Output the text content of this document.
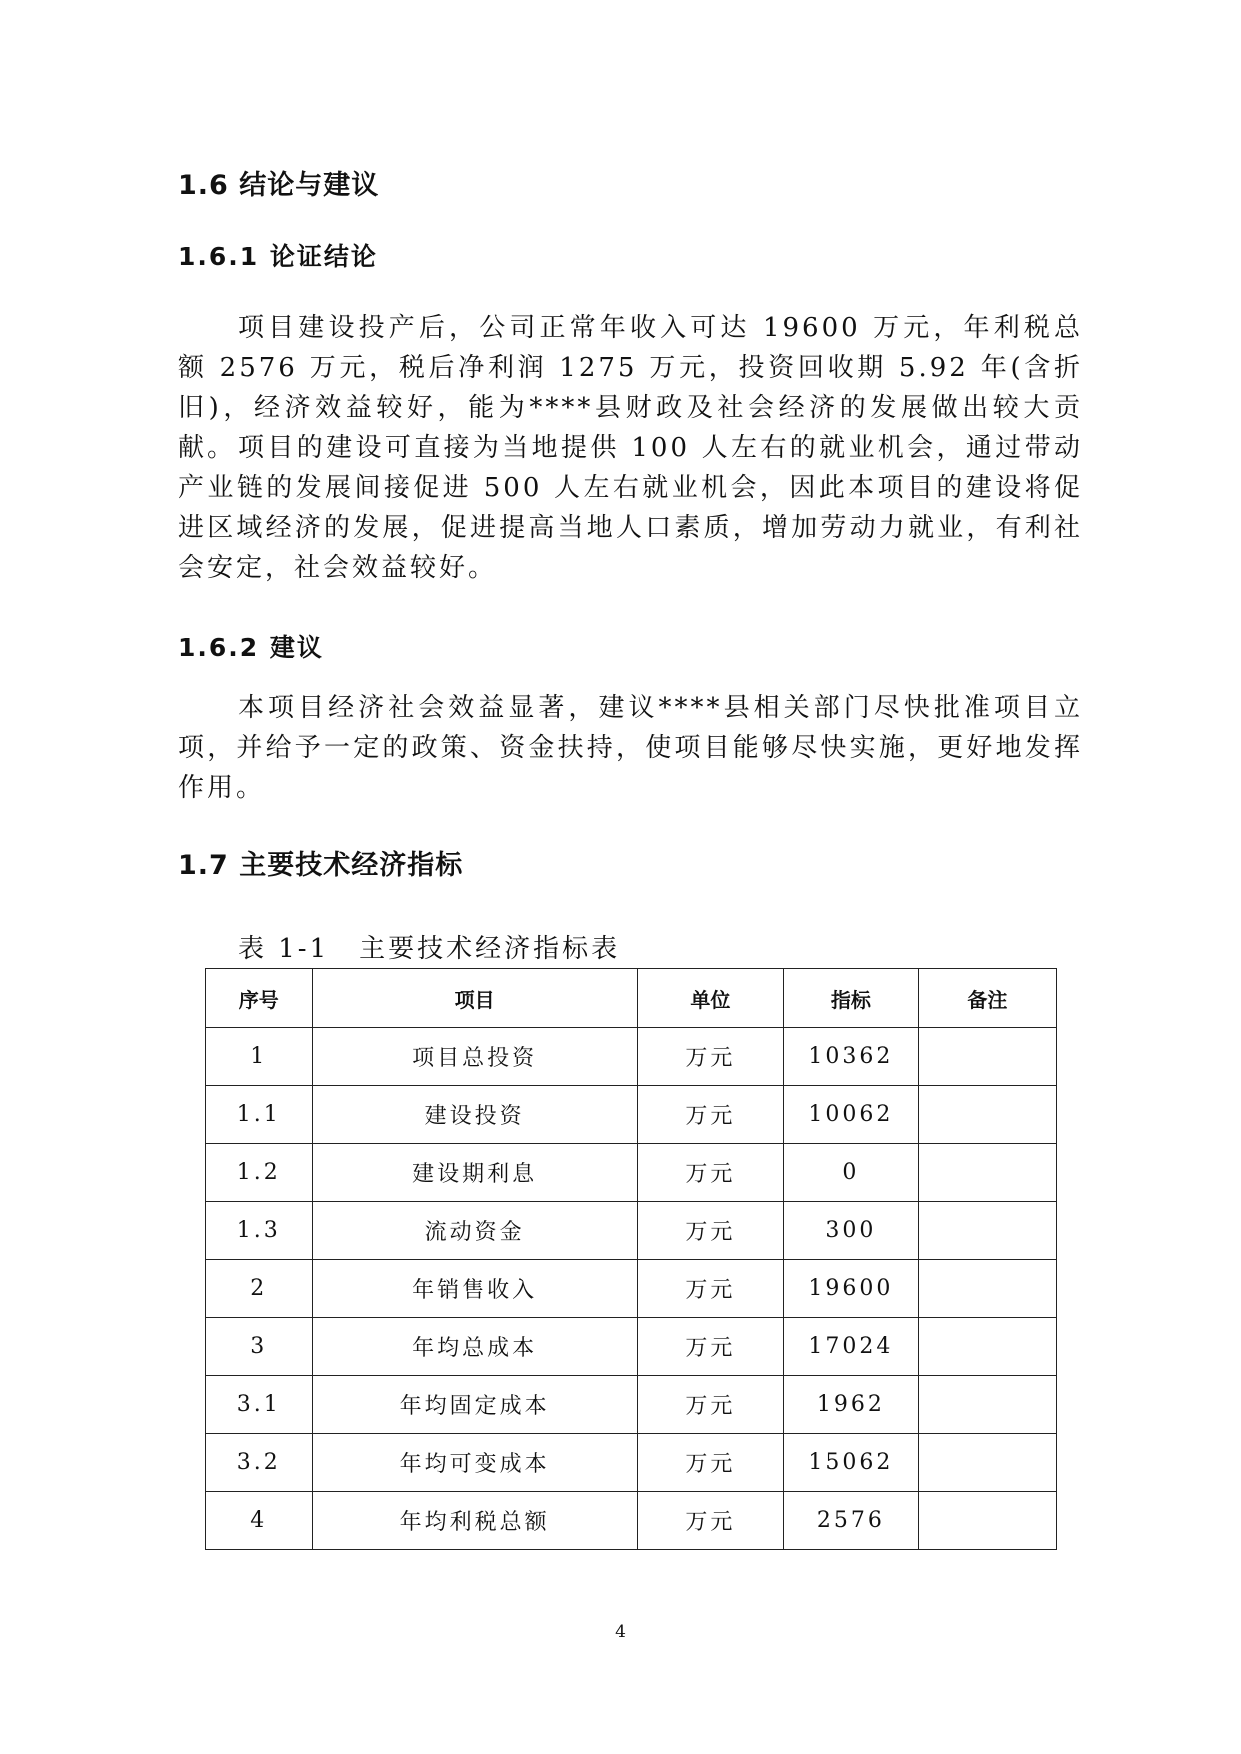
1.6 结论与建议
1.6.1 论证结论

项目建设投产后，公司正常年收入可达 19600 万元，年利税总额 2576 万元，税后净利润 1275 万元，投资回收期 5.92 年(含折旧)，经济效益较好，能为****县财政及社会经济的发展做出较大贡献。 项目的建设可直接为当地提供 100 人左右的就业机会，通过带动产业链的发展间接促进 500 人左右就业机会，因此本项目的建设将促进区域经济的发展，促进提高当地人口素质，增加劳动力就业，有利社会安定，社会效益较好。

1.6.2 建议

本项目经济社会效益显著，建议****县相关部门尽快批准项目立项，并给予一定的政策、资金扶持，使项目能够尽快实施，更好地发挥作用。

1.7 主要技术经济指标
表 1-1 主要技术经济指标表
序号	项目	单位	指标	备注
1	项目总投资	万元	10362	
1.1	建设投资	万元	10062	
1.2	建设期利息	万元	0	
1.3	流动资金	万元	300	
2	年销售收入	万元	19600	
3	年均总成本	万元	17024	
3.1	年均固定成本	万元	1962	
3.2	年均可变成本	万元	15062	
4	年均利税总额	万元	2576	
4
